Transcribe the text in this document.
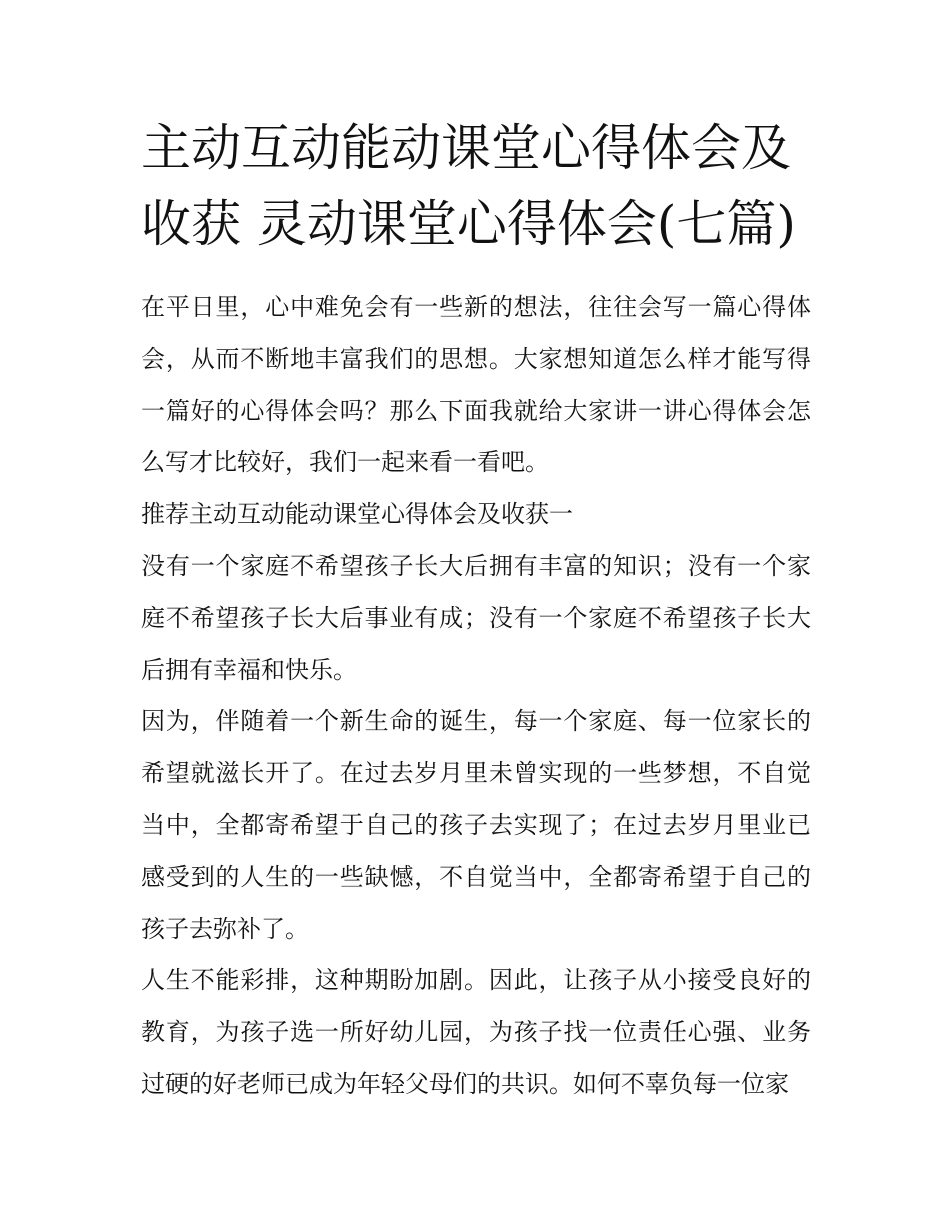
主动互动能动课堂心得体会及收获 灵动课堂心得体会(七篇)

在平日里，心中难免会有一些新的想法，往往会写一篇心得体会，从而不断地丰富我们的思想。大家想知道怎么样才能写得一篇好的心得体会吗？那么下面我就给大家讲一讲心得体会怎么写才比较好，我们一起来看一看吧。

推荐主动互动能动课堂心得体会及收获一

没有一个家庭不希望孩子长大后拥有丰富的知识；没有一个家庭不希望孩子长大后事业有成；没有一个家庭不希望孩子长大后拥有幸福和快乐。

因为，伴随着一个新生命的诞生，每一个家庭、每一位家长的希望就滋长开了。在过去岁月里未曾实现的一些梦想，不自觉当中，全都寄希望于自己的孩子去实现了；在过去岁月里业已感受到的人生的一些缺憾，不自觉当中，全都寄希望于自己的孩子去弥补了。

人生不能彩排，这种期盼加剧。因此，让孩子从小接受良好的教育，为孩子选一所好幼儿园，为孩子找一位责任心强、业务过硬的好老师已成为年轻父母们的共识。如何不辜负每一位家
